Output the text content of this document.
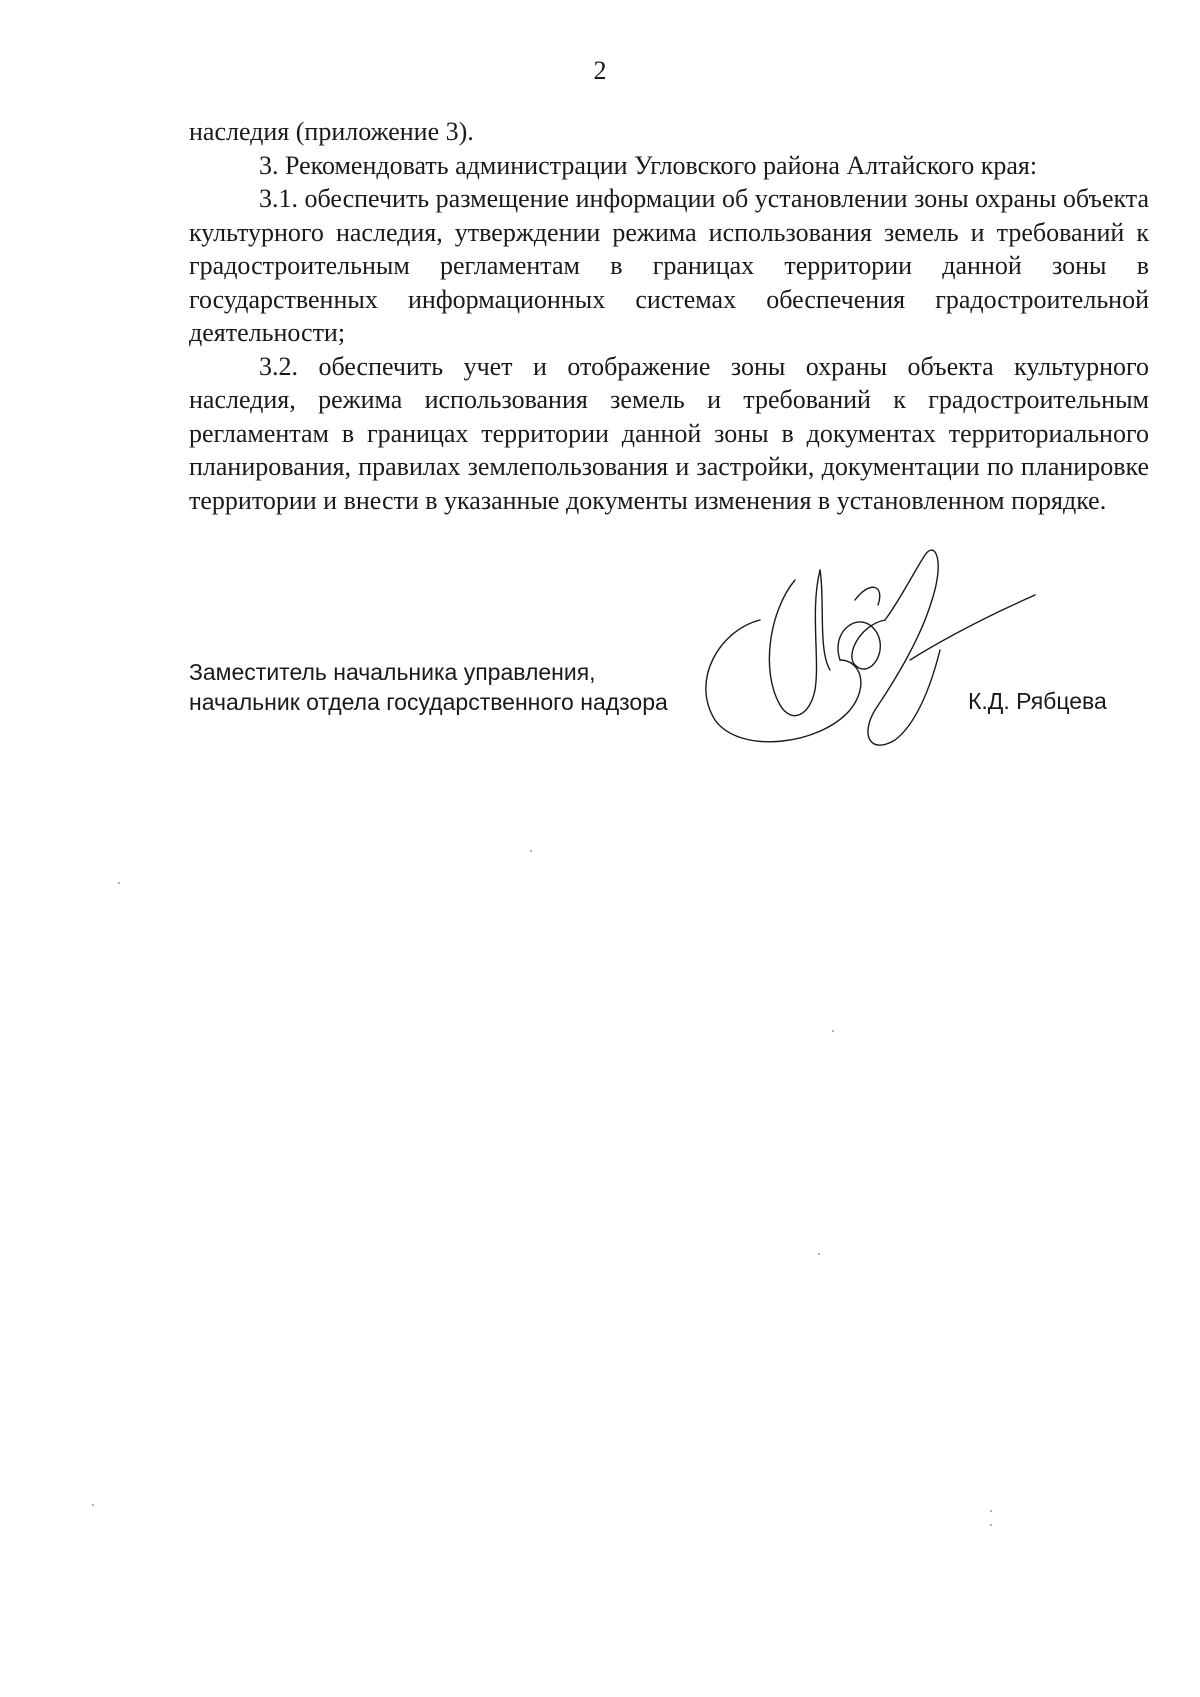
2

наследия (приложение 3).

3. Рекомендовать администрации Угловского района Алтайского края:

3.1. обеспечить размещение информации об установлении зоны охраны объекта культурного наследия, утверждении режима использования земель и требований к градостроительным регламентам в границах территории данной зоны в государственных информационных системах обеспечения градостроительной деятельности;

3.2. обеспечить учет и отображение зоны охраны объекта культурного наследия, режима использования земель и требований к градостроительным регламентам в границах территории данной зоны в документах территориального планирования, правилах землепользования и застройки, документации по планировке территории и внести в указанные документы изменения в установленном порядке.

Заместитель начальника управления,
начальник отдела государственного надзора	К.Д. Рябцева
